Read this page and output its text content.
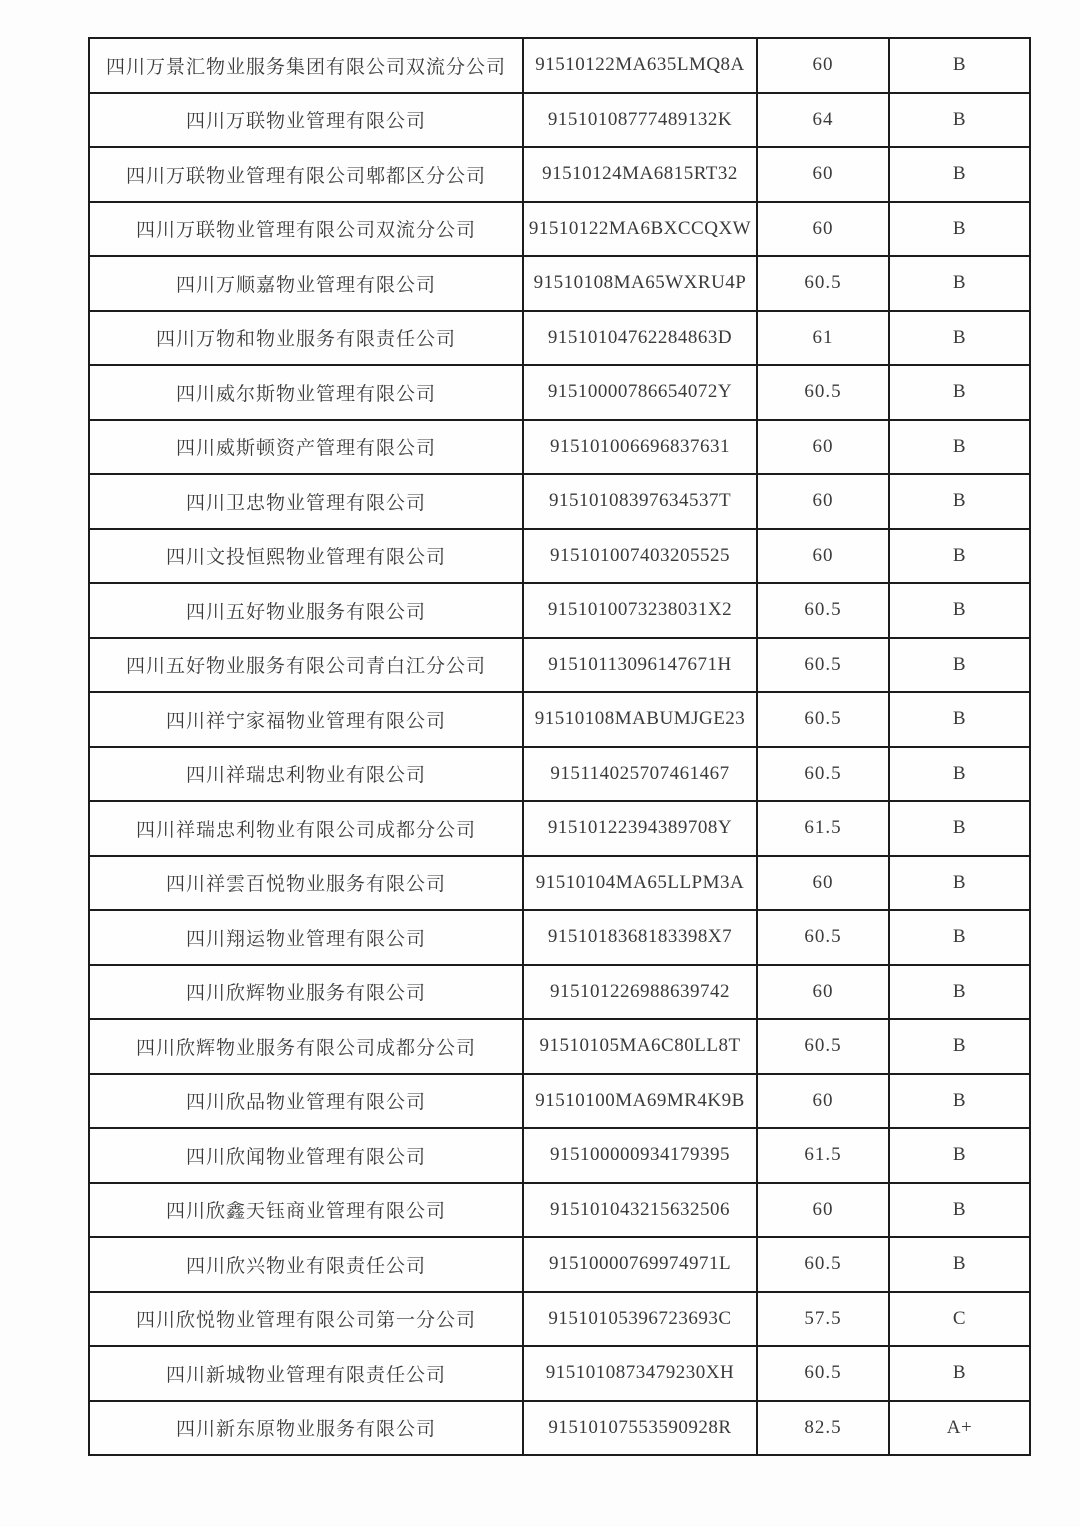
四川万景汇物业服务集团有限公司双流分公司	91510122MA635LMQ8A	60	B
四川万联物业管理有限公司	91510108777489132K	64	B
四川万联物业管理有限公司郫都区分公司	91510124MA6815RT32	60	B
四川万联物业管理有限公司双流分公司	91510122MA6BXCCQXW	60	B
四川万顺嘉物业管理有限公司	91510108MA65WXRU4P	60.5	B
四川万物和物业服务有限责任公司	91510104762284863D	61	B
四川威尔斯物业管理有限公司	91510000786654072Y	60.5	B
四川威斯顿资产管理有限公司	915101006696837631	60	B
四川卫忠物业管理有限公司	91510108397634537T	60	B
四川文投恒熙物业管理有限公司	915101007403205525	60	B
四川五好物业服务有限公司	9151010073238031X2	60.5	B
四川五好物业服务有限公司青白江分公司	91510113096147671H	60.5	B
四川祥宁家福物业管理有限公司	91510108MABUMJGE23	60.5	B
四川祥瑞忠利物业有限公司	915114025707461467	60.5	B
四川祥瑞忠利物业有限公司成都分公司	91510122394389708Y	61.5	B
四川祥雲百悦物业服务有限公司	91510104MA65LLPM3A	60	B
四川翔运物业管理有限公司	9151018368183398X7	60.5	B
四川欣辉物业服务有限公司	915101226988639742	60	B
四川欣辉物业服务有限公司成都分公司	91510105MA6C80LL8T	60.5	B
四川欣品物业管理有限公司	91510100MA69MR4K9B	60	B
四川欣闻物业管理有限公司	915100000934179395	61.5	B
四川欣鑫天钰商业管理有限公司	915101043215632506	60	B
四川欣兴物业有限责任公司	91510000769974971L	60.5	B
四川欣悦物业管理有限公司第一分公司	91510105396723693C	57.5	C
四川新城物业管理有限责任公司	9151010873479230XH	60.5	B
四川新东原物业服务有限公司	91510107553590928R	82.5	A+
